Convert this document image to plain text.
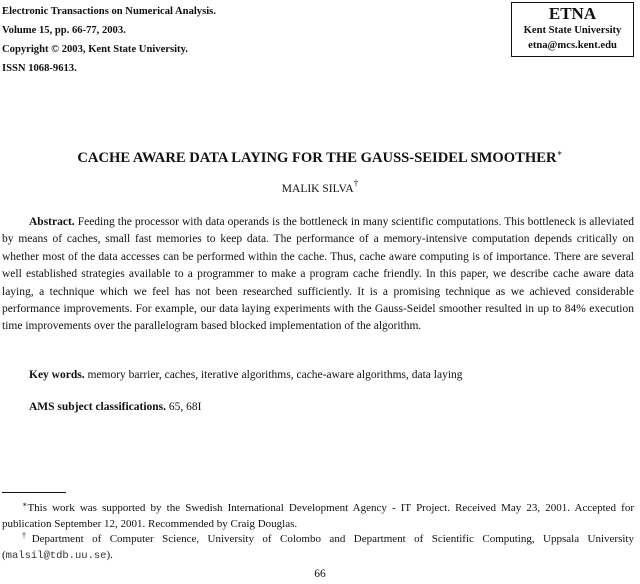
Electronic Transactions on Numerical Analysis.
Volume 15, pp. 66-77, 2003.
Copyright © 2003, Kent State University.
ISSN 1068-9613.
ETNA
Kent State University
etna@mcs.kent.edu
CACHE AWARE DATA LAYING FOR THE GAUSS-SEIDEL SMOOTHER∗
MALIK SILVA†

Abstract. Feeding the processor with data operands is the bottleneck in many scientific computations. This bottleneck is alleviated by means of caches, small fast memories to keep data. The performance of a memory-intensive computation depends critically on whether most of the data accesses can be performed within the cache. Thus, cache aware computing is of importance. There are several well established strategies available to a programmer to make a program cache friendly. In this paper, we describe cache aware data laying, a technique which we feel has not been researched sufficiently. It is a promising technique as we achieved considerable performance improvements. For example, our data laying experiments with the Gauss-Seidel smoother resulted in up to 84% execution time improvements over the parallelogram based blocked implementation of the algorithm.

Key words. memory barrier, caches, iterative algorithms, cache-aware algorithms, data laying
AMS subject classifications. 65, 68I

∗This work was supported by the Swedish International Development Agency - IT Project. Received May 23, 2001. Accepted for publication September 12, 2001. Recommended by Craig Douglas.

†Department of Computer Science, University of Colombo and Department of Scientific Computing, Uppsala University (malsil@tdb.uu.se).

66
